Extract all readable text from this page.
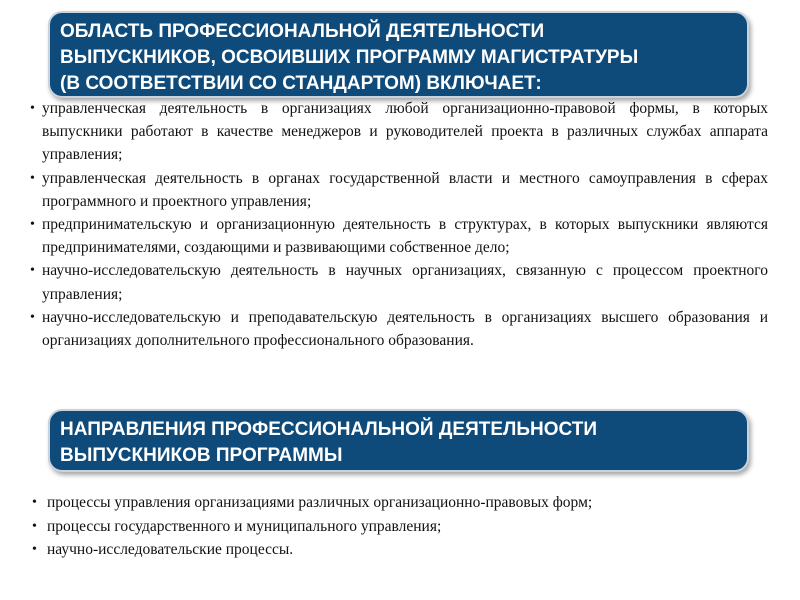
ОБЛАСТЬ ПРОФЕССИОНАЛЬНОЙ ДЕЯТЕЛЬНОСТИ
ВЫПУСКНИКОВ, ОСВОИВШИХ ПРОГРАММУ МАГИСТРАТУРЫ
(В СООТВЕТСТВИИ СО СТАНДАРТОМ) ВКЛЮЧАЕТ:
• управленческая деятельность в организациях любой организационно-правовой формы, в которых выпускники работают в качестве менеджеров и руководителей проекта в различных службах аппарата управления;
• управленческая деятельность в органах государственной власти и местного самоуправления в сферах программного и проектного управления;
• предпринимательскую и организационную деятельность в структурах, в которых выпускники являются предпринимателями, создающими и развивающими собственное дело;
• научно-исследовательскую деятельность в научных организациях, связанную с процессом проектного управления;
• научно-исследовательскую и преподавательскую деятельность в организациях высшего образования и организациях дополнительного профессионального образования.
НАПРАВЛЕНИЯ ПРОФЕССИОНАЛЬНОЙ ДЕЯТЕЛЬНОСТИ
ВЫПУСКНИКОВ ПРОГРАММЫ
• процессы управления организациями различных организационно-правовых форм;
• процессы государственного и муниципального управления;
• научно-исследовательские процессы.
